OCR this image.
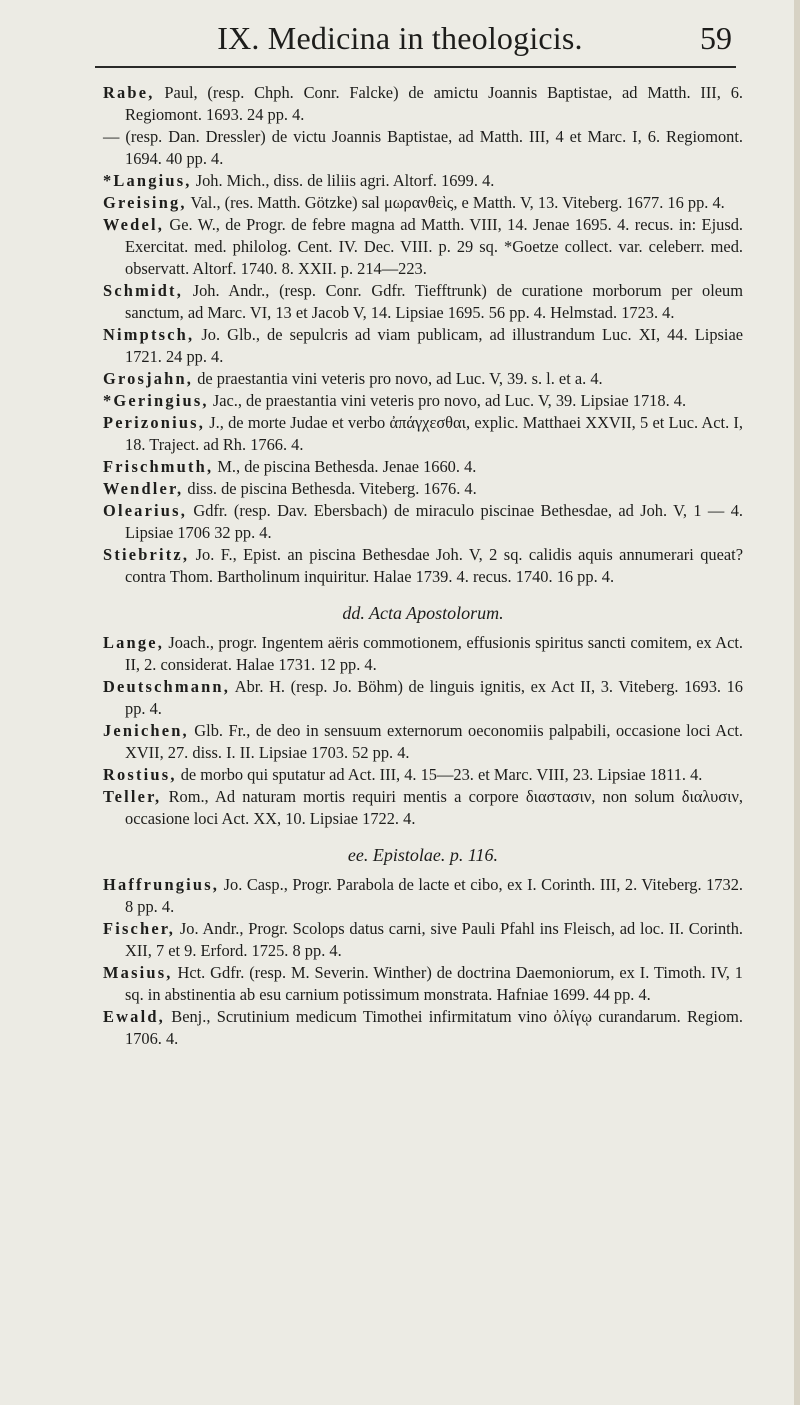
IX. Medicina in theologicis.	59

Rabe, Paul, (resp. Chph. Conr. Falcke) de amictu Joannis Baptistae, ad Matth. III, 6. Regiomont. 1693. 24 pp. 4.

— (resp. Dan. Dressler) de victu Joannis Baptistae, ad Matth. III, 4 et Marc. I, 6. Regiomont. 1694. 40 pp. 4.

*Langius, Joh. Mich., diss. de liliis agri. Altorf. 1699. 4.

Greising, Val., (res. Matth. Götzke) sal μωρανθεὶς, e Matth. V, 13. Viteberg. 1677. 16 pp. 4.

Wedel, Ge. W., de Progr. de febre magna ad Matth. VIII, 14. Jenae 1695. 4. recus. in: Ejusd. Exercitat. med. philolog. Cent. IV. Dec. VIII. p. 29 sq. *Goetze collect. var. celeberr. med. observatt. Altorf. 1740. 8. XXII. p. 214—223.

Schmidt, Joh. Andr., (resp. Conr. Gdfr. Tiefftrunk) de curatione morborum per oleum sanctum, ad Marc. VI, 13 et Jacob V, 14. Lipsiae 1695. 56 pp. 4. Helmstad. 1723. 4.

Nimptsch, Jo. Glb., de sepulcris ad viam publicam, ad illustrandum Luc. XI, 44. Lipsiae 1721. 24 pp. 4.

Grosjahn, de praestantia vini veteris pro novo, ad Luc. V, 39. s. l. et a. 4.

*Geringius, Jac., de praestantia vini veteris pro novo, ad Luc. V, 39. Lipsiae 1718. 4.

Perizonius, J., de morte Judae et verbo ἀπάγχεσθαι, explic. Matthaei XXVII, 5 et Luc. Act. I, 18. Traject. ad Rh. 1766. 4.

Frischmuth, M., de piscina Bethesda. Jenae 1660. 4.

Wendler, diss. de piscina Bethesda. Viteberg. 1676. 4.

Olearius, Gdfr. (resp. Dav. Ebersbach) de miraculo piscinae Bethesdae, ad Joh. V, 1 — 4. Lipsiae 1706 32 pp. 4.

Stiebritz, Jo. F., Epist. an piscina Bethesdae Joh. V, 2 sq. calidis aquis annumerari queat? contra Thom. Bartholinum inquiritur. Halae 1739. 4. recus. 1740. 16 pp. 4.

dd. Acta Apostolorum.

Lange, Joach., progr. Ingentem aëris commotionem, effusionis spiritus sancti comitem, ex Act. II, 2. considerat. Halae 1731. 12 pp. 4.

Deutschmann, Abr. H. (resp. Jo. Böhm) de linguis ignitis, ex Act II, 3. Viteberg. 1693. 16 pp. 4.

Jenichen, Glb. Fr., de deo in sensuum externorum oeconomiis palpabili, occasione loci Act. XVII, 27. diss. I. II. Lipsiae 1703. 52 pp. 4.

Rostius, de morbo qui sputatur ad Act. III, 4. 15—23. et Marc. VIII, 23. Lipsiae 1811. 4.

Teller, Rom., Ad naturam mortis requiri mentis a corpore διαστασιν, non solum διαλυσιν, occasione loci Act. XX, 10. Lipsiae 1722. 4.

ee. Epistolae. p. 116.

Haffrungius, Jo. Casp., Progr. Parabola de lacte et cibo, ex I. Corinth. III, 2. Viteberg. 1732. 8 pp. 4.

Fischer, Jo. Andr., Progr. Scolops datus carni, sive Pauli Pfahl ins Fleisch, ad loc. II. Corinth. XII, 7 et 9. Erford. 1725. 8 pp. 4.

Masius, Hct. Gdfr. (resp. M. Severin. Winther) de doctrina Daemoniorum, ex I. Timoth. IV, 1 sq. in abstinentia ab esu carnium potissimum monstrata. Hafniae 1699. 44 pp. 4.

Ewald, Benj., Scrutinium medicum Timothei infirmitatum vino ὀλίγῳ curandarum. Regiom. 1706. 4.
